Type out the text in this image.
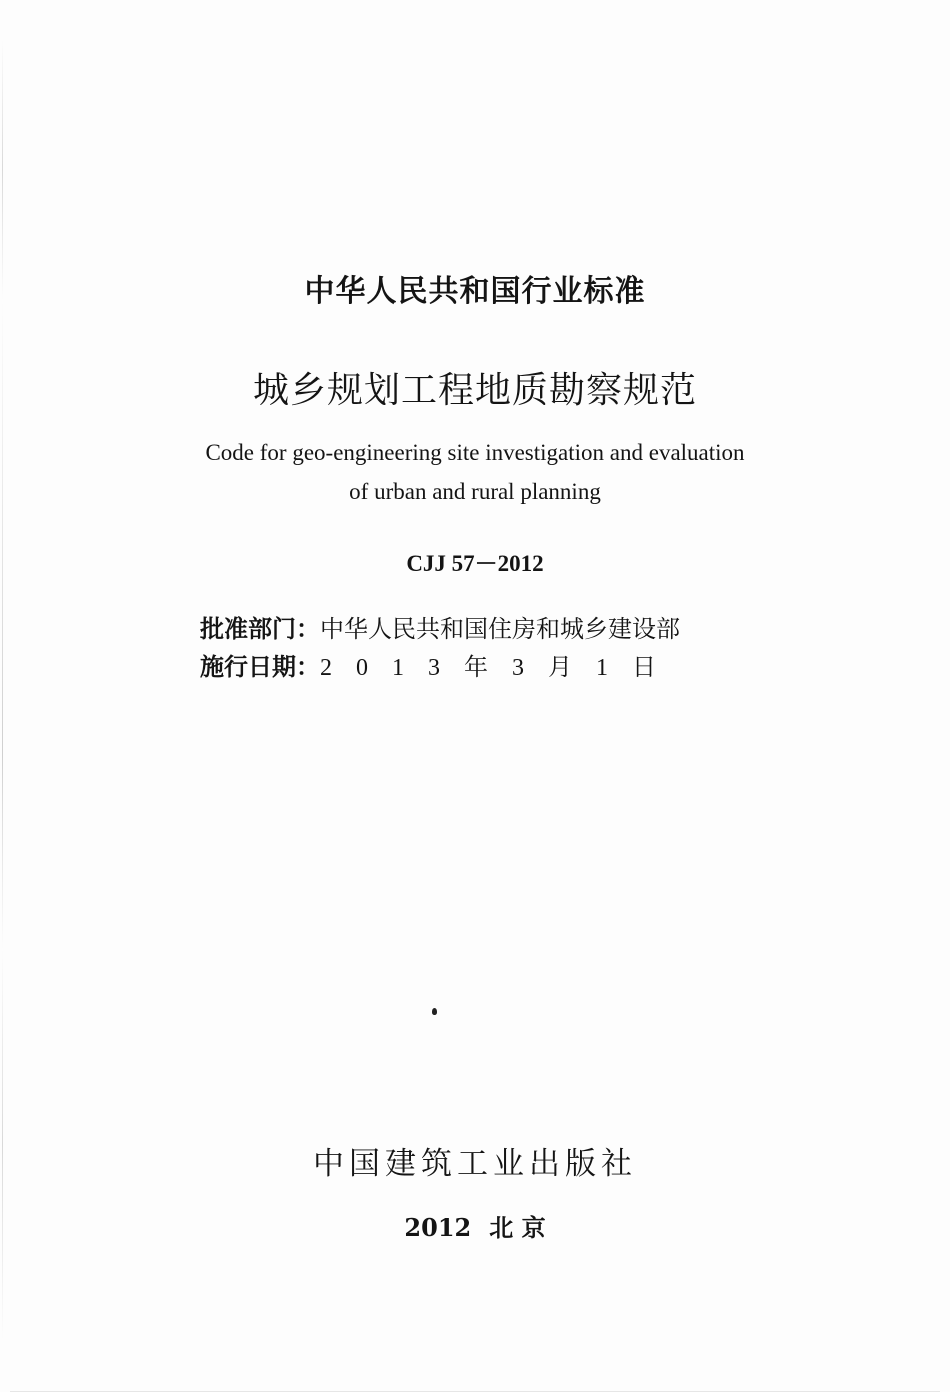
中华人民共和国行业标准
城乡规划工程地质勘察规范
Code for geo-engineering site investigation and evaluation
of urban and rural planning
CJJ 57－2012
批准部门： 中华人民共和国住房和城乡建设部
施行日期： 2013年3月1日
中国建筑工业出版社
2012 北 京
